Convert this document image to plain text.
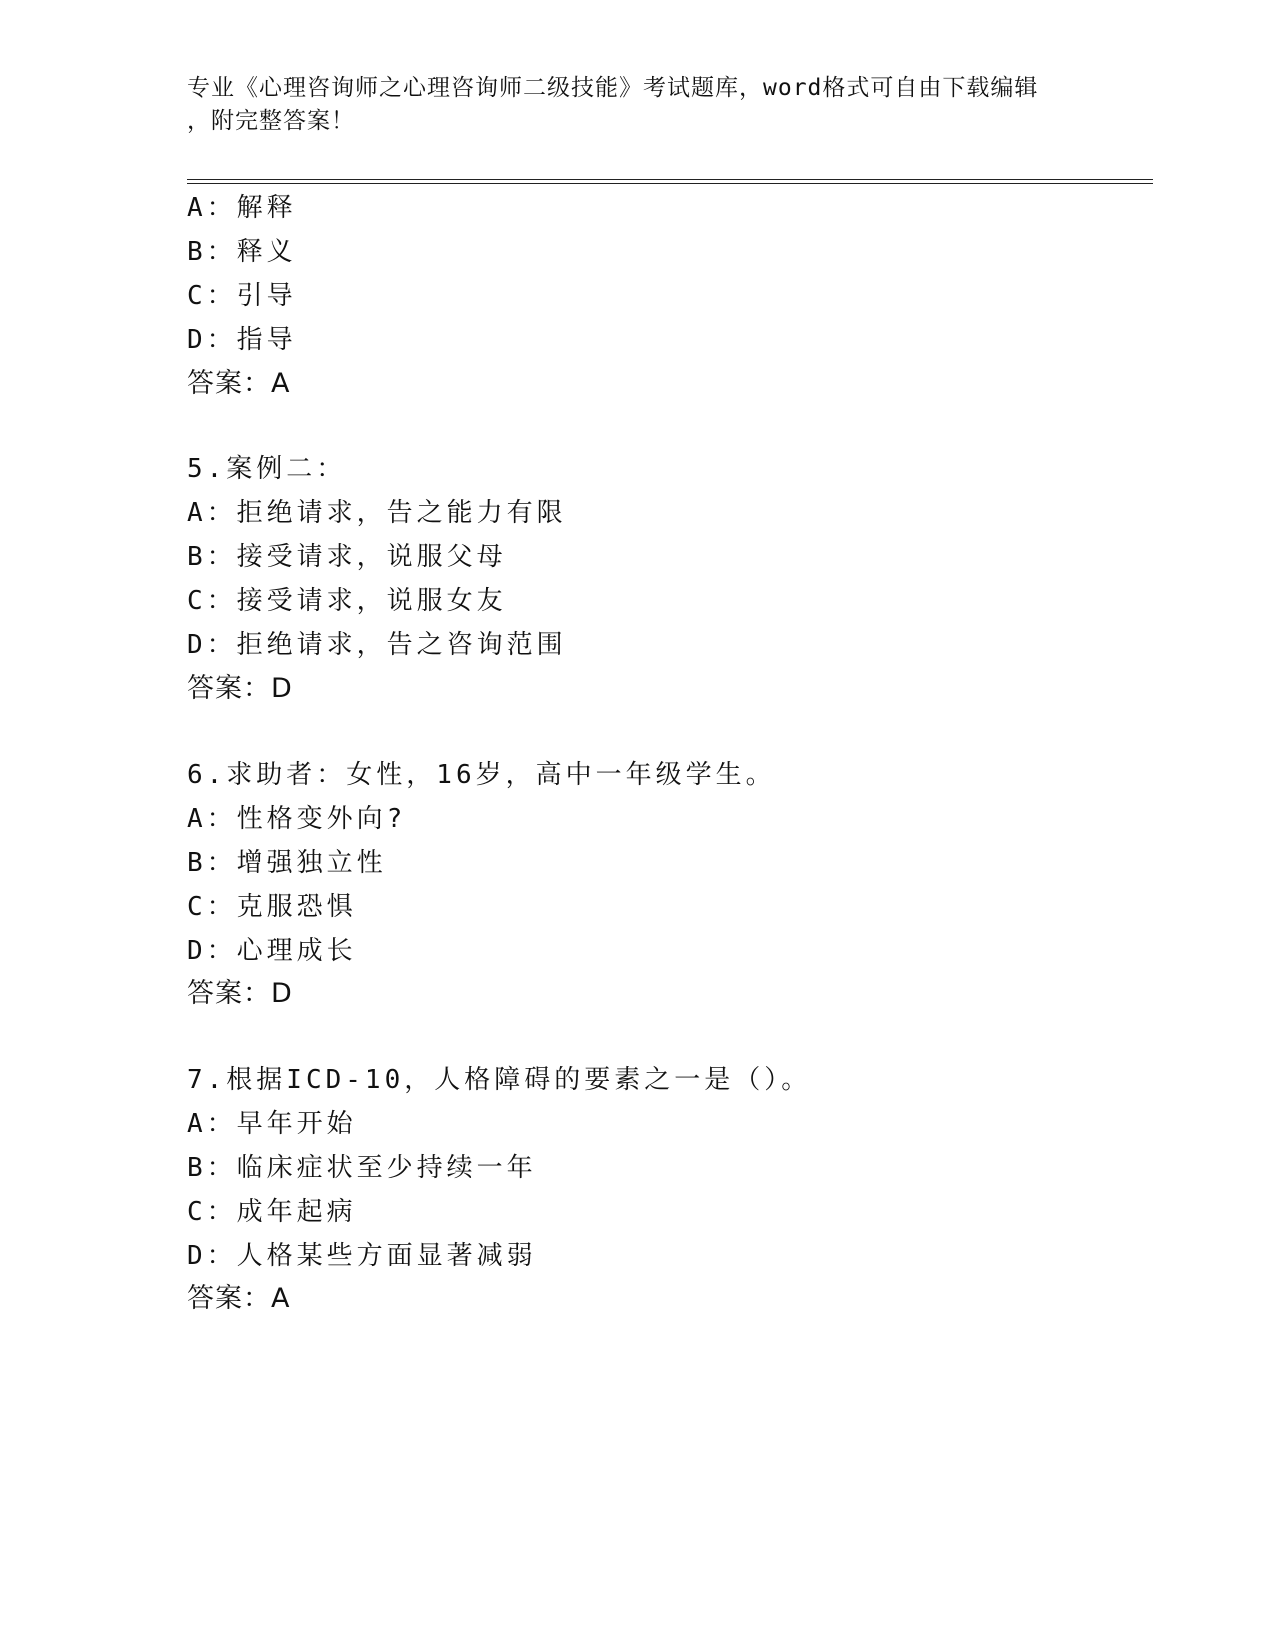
专业《心理咨询师之心理咨询师二级技能》考试题库，word格式可自由下载编辑
，附完整答案！
A：解释
B：释义
C：引导
D：指导
答案：A
5.案例二：
A：拒绝请求，告之能力有限
B：接受请求，说服父母
C：接受请求，说服女友
D：拒绝请求，告之咨询范围
答案：D
6.求助者：女性，16岁，高中一年级学生。
A：性格变外向?
B：增强独立性
C：克服恐惧
D：心理成长
答案：D
7.根据ICD-10，人格障碍的要素之一是（）。
A：早年开始
B：临床症状至少持续一年
C：成年起病
D：人格某些方面显著减弱
答案：A
